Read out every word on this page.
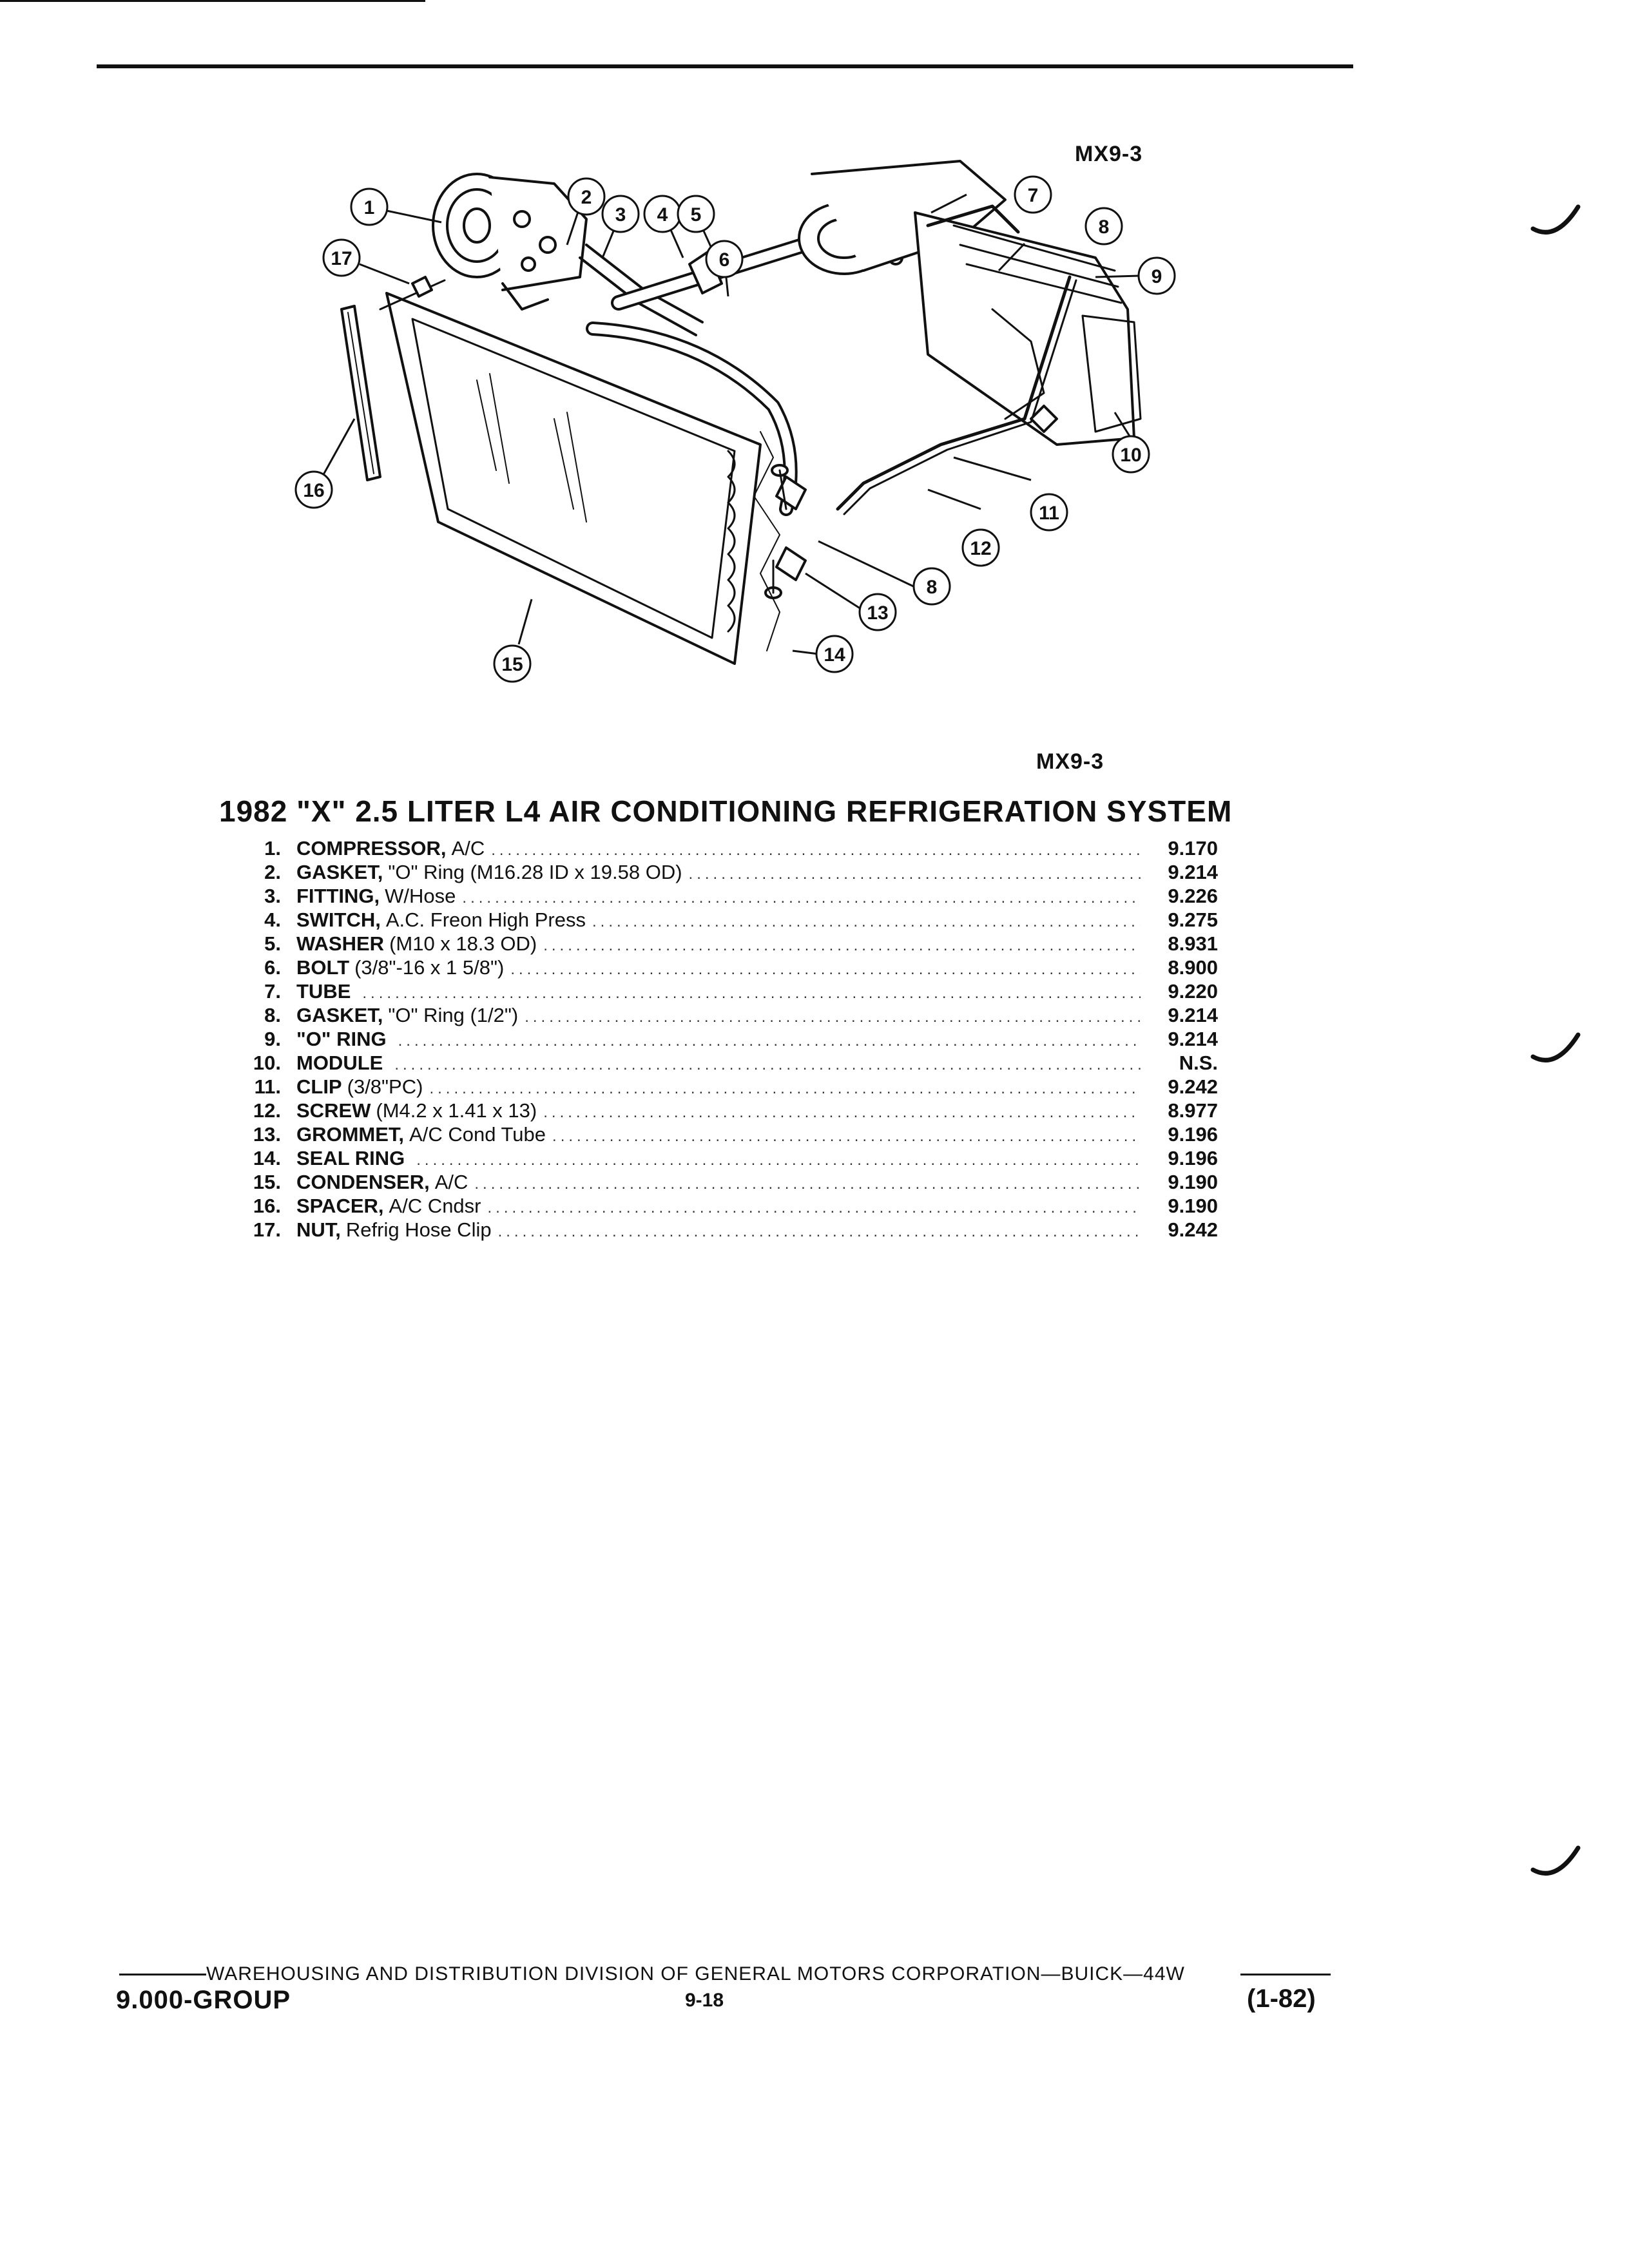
MX9-3
1	2
3 4 5
6
7
8
9
10
11
12
8
13
14
15
16
17
MX9-3
1982 "X" 2.5 LITER L4 AIR CONDITIONING REFRIGERATION SYSTEM
1. COMPRESSOR, A/C .....	9.170
2. GASKET, "O" Ring (M16.28 ID x 19.58 OD) .....	9.214
3. FITTING, W/Hose .....	9.226
4. SWITCH, A.C. Freon High Press .....	9.275
5. WASHER (M10 x 18.3 OD) .....	8.931
6. BOLT (3/8"-16 x 1 5/8") .....	8.900
7. TUBE .....	9.220
8. GASKET, "O" Ring (1/2") .....	9.214
9. "O" RING .....	9.214
10. MODULE .....	N.S.
11. CLIP (3/8"PC) .....	9.242
12. SCREW (M4.2 x 1.41 x 13) .....	8.977
13. GROMMET, A/C Cond Tube .....	9.196
14. SEAL RING .....	9.196
15. CONDENSER, A/C .....	9.190
16. SPACER, A/C Cndsr .....	9.190
17. NUT, Refrig Hose Clip .....	9.242
WAREHOUSING AND DISTRIBUTION DIVISION OF GENERAL MOTORS CORPORATION—BUICK—44W
9.000-GROUP	9-18	(1-82)
